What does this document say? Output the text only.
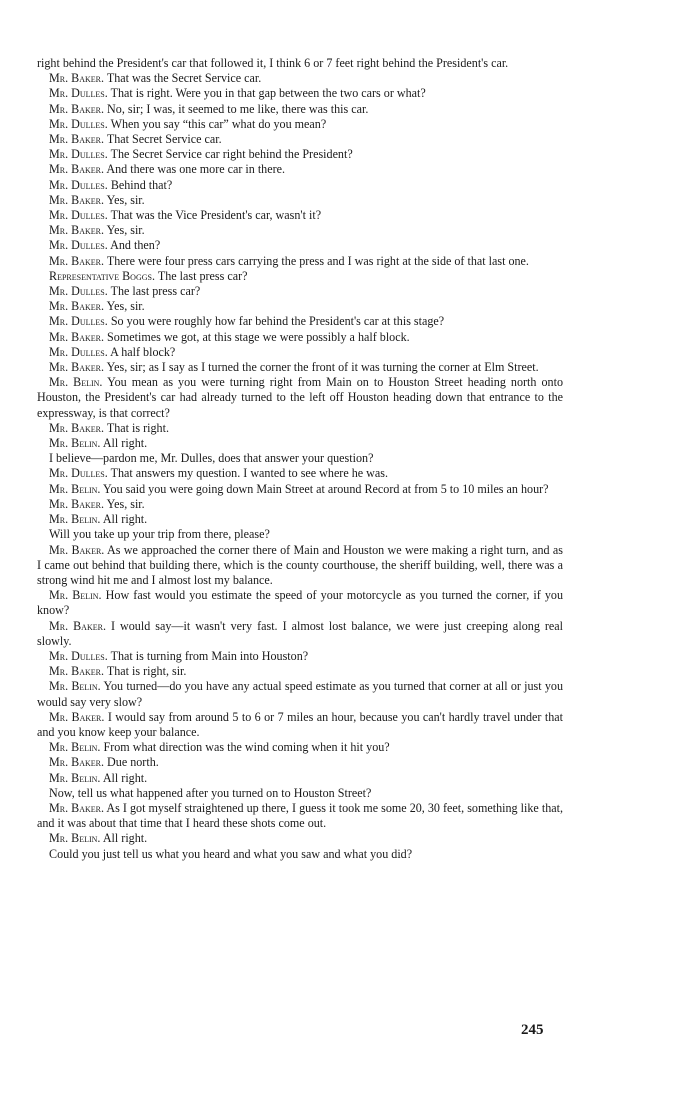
right behind the President's car that followed it, I think 6 or 7 feet right behind the President's car.

Mr. Baker. That was the Secret Service car.

Mr. Dulles. That is right. Were you in that gap between the two cars or what?

Mr. Baker. No, sir; I was, it seemed to me like, there was this car.

Mr. Dulles. When you say “this car” what do you mean?

Mr. Baker. That Secret Service car.

Mr. Dulles. The Secret Service car right behind the President?

Mr. Baker. And there was one more car in there.

Mr. Dulles. Behind that?

Mr. Baker. Yes, sir.

Mr. Dulles. That was the Vice President's car, wasn't it?

Mr. Baker. Yes, sir.

Mr. Dulles. And then?

Mr. Baker. There were four press cars carrying the press and I was right at the side of that last one.

Representative Boggs. The last press car?

Mr. Dulles. The last press car?

Mr. Baker. Yes, sir.

Mr. Dulles. So you were roughly how far behind the President's car at this stage?

Mr. Baker. Sometimes we got, at this stage we were possibly a half block.

Mr. Dulles. A half block?

Mr. Baker. Yes, sir; as I say as I turned the corner the front of it was turning the corner at Elm Street.

Mr. Belin. You mean as you were turning right from Main on to Houston Street heading north onto Houston, the President's car had already turned to the left off Houston heading down that entrance to the expressway, is that correct?

Mr. Baker. That is right.

Mr. Belin. All right.

I believe—pardon me, Mr. Dulles, does that answer your question?

Mr. Dulles. That answers my question. I wanted to see where he was.

Mr. Belin. You said you were going down Main Street at around Record at from 5 to 10 miles an hour?

Mr. Baker. Yes, sir.

Mr. Belin. All right.

Will you take up your trip from there, please?

Mr. Baker. As we approached the corner there of Main and Houston we were making a right turn, and as I came out behind that building there, which is the county courthouse, the sheriff building, well, there was a strong wind hit me and I almost lost my balance.

Mr. Belin. How fast would you estimate the speed of your motorcycle as you turned the corner, if you know?

Mr. Baker. I would say—it wasn't very fast. I almost lost balance, we were just creeping along real slowly.

Mr. Dulles. That is turning from Main into Houston?

Mr. Baker. That is right, sir.

Mr. Belin. You turned—do you have any actual speed estimate as you turned that corner at all or just you would say very slow?

Mr. Baker. I would say from around 5 to 6 or 7 miles an hour, because you can't hardly travel under that and you know keep your balance.

Mr. Belin. From what direction was the wind coming when it hit you?

Mr. Baker. Due north.

Mr. Belin. All right.

Now, tell us what happened after you turned on to Houston Street?

Mr. Baker. As I got myself straightened up there, I guess it took me some 20, 30 feet, something like that, and it was about that time that I heard these shots come out.

Mr. Belin. All right.

Could you just tell us what you heard and what you saw and what you did?

245
